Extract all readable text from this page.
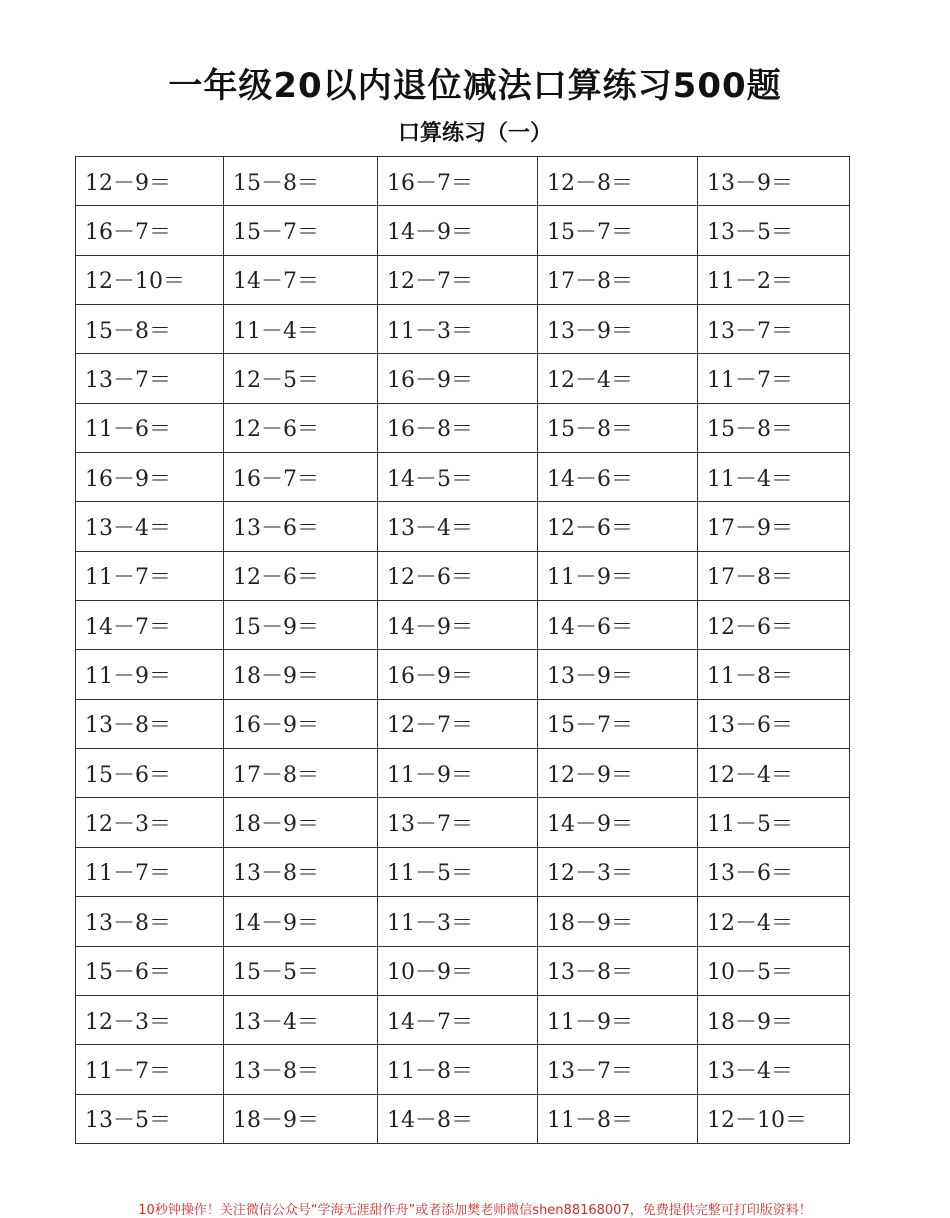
一年级20以内退位减法口算练习500题
口算练习（一）
12－9＝	15－8＝	16－7＝	12－8＝	13－9＝
16－7＝	15－7＝	14－9＝	15－7＝	13－5＝
12－10＝	14－7＝	12－7＝	17－8＝	11－2＝
15－8＝	11－4＝	11－3＝	13－9＝	13－7＝
13－7＝	12－5＝	16－9＝	12－4＝	11－7＝
11－6＝	12－6＝	16－8＝	15－8＝	15－8＝
16－9＝	16－7＝	14－5＝	14－6＝	11－4＝
13－4＝	13－6＝	13－4＝	12－6＝	17－9＝
11－7＝	12－6＝	12－6＝	11－9＝	17－8＝
14－7＝	15－9＝	14－9＝	14－6＝	12－6＝
11－9＝	18－9＝	16－9＝	13－9＝	11－8＝
13－8＝	16－9＝	12－7＝	15－7＝	13－6＝
15－6＝	17－8＝	11－9＝	12－9＝	12－4＝
12－3＝	18－9＝	13－7＝	14－9＝	11－5＝
11－7＝	13－8＝	11－5＝	12－3＝	13－6＝
13－8＝	14－9＝	11－3＝	18－9＝	12－4＝
15－6＝	15－5＝	10－9＝	13－8＝	10－5＝
12－3＝	13－4＝	14－7＝	11－9＝	18－9＝
11－7＝	13－8＝	11－8＝	13－7＝	13－4＝
13－5＝	18－9＝	14－8＝	11－8＝	12－10＝
10秒钟操作！关注微信公众号“学海无涯甜作舟”或者添加樊老师微信shen88168007，免费提供完整可打印版资料！
